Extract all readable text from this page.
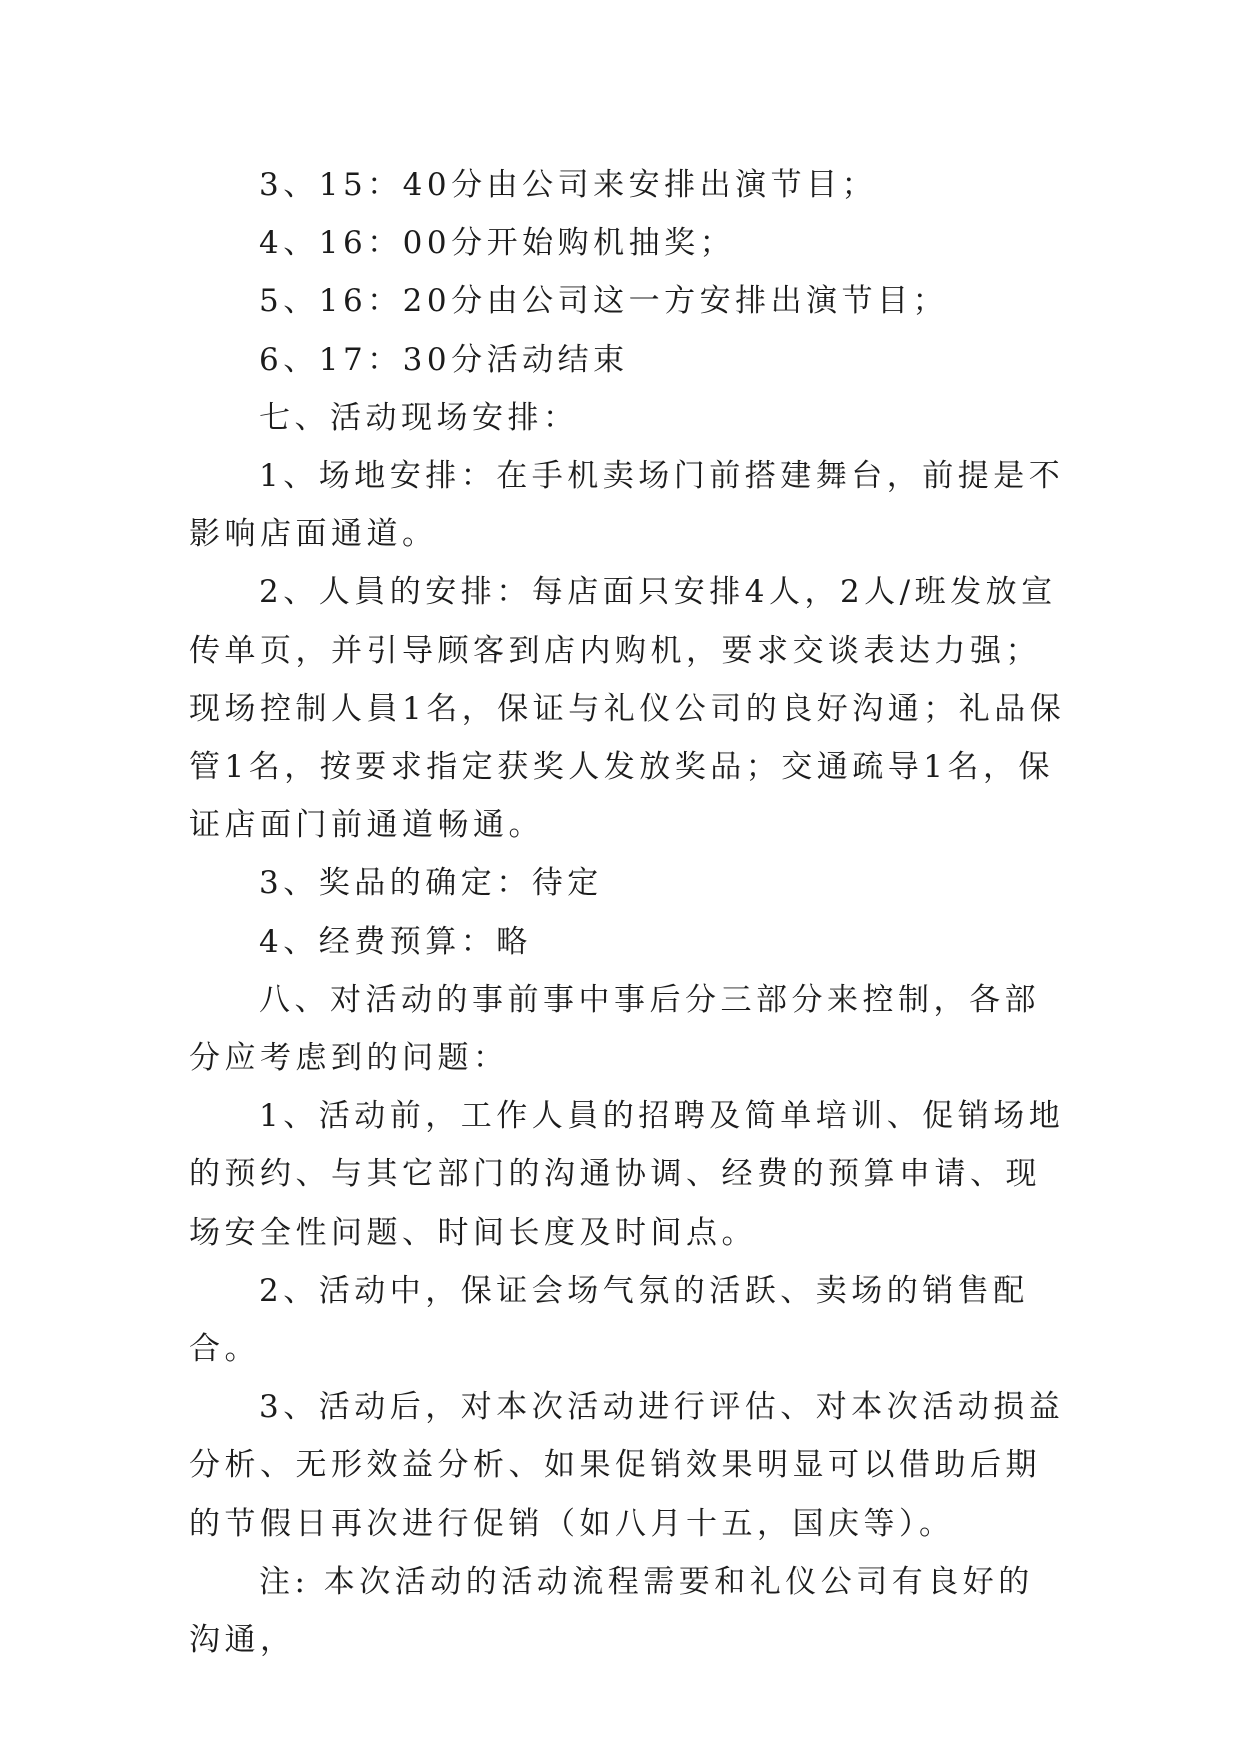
3、15：40分由公司来安排出演节目；

4、16：00分开始购机抽奖；

5、16：20分由公司这一方安排出演节目；

6、17：30分活动结束

七、活动现场安排：

1、场地安排：在手机卖场门前搭建舞台，前提是不影响店面通道。

2、人員的安排：每店面只安排4人，2人/班发放宣传单页，并引导顾客到店内购机，要求交谈表达力强；现场控制人員1名，保证与礼仪公司的良好沟通；礼品保管1名，按要求指定获奖人发放奖品；交通疏导1名，保证店面门前通道畅通。

3、奖品的确定：待定

4、经费预算：略

八、对活动的事前事中事后分三部分来控制，各部分应考虑到的问题：

1、活动前，工作人員的招聘及简单培训、促销场地的预约、与其它部门的沟通协调、经费的预算申请、现场安全性问题、时间长度及时间点。

2、活动中，保证会场气氛的活跃、卖场的销售配合。

3、活动后，对本次活动进行评估、对本次活动损益分析、无形效益分析、如果促销效果明显可以借助后期的节假日再次进行促销（如八月十五，国庆等）。

注: 本次活动的活动流程需要和礼仪公司有良好的沟通，
